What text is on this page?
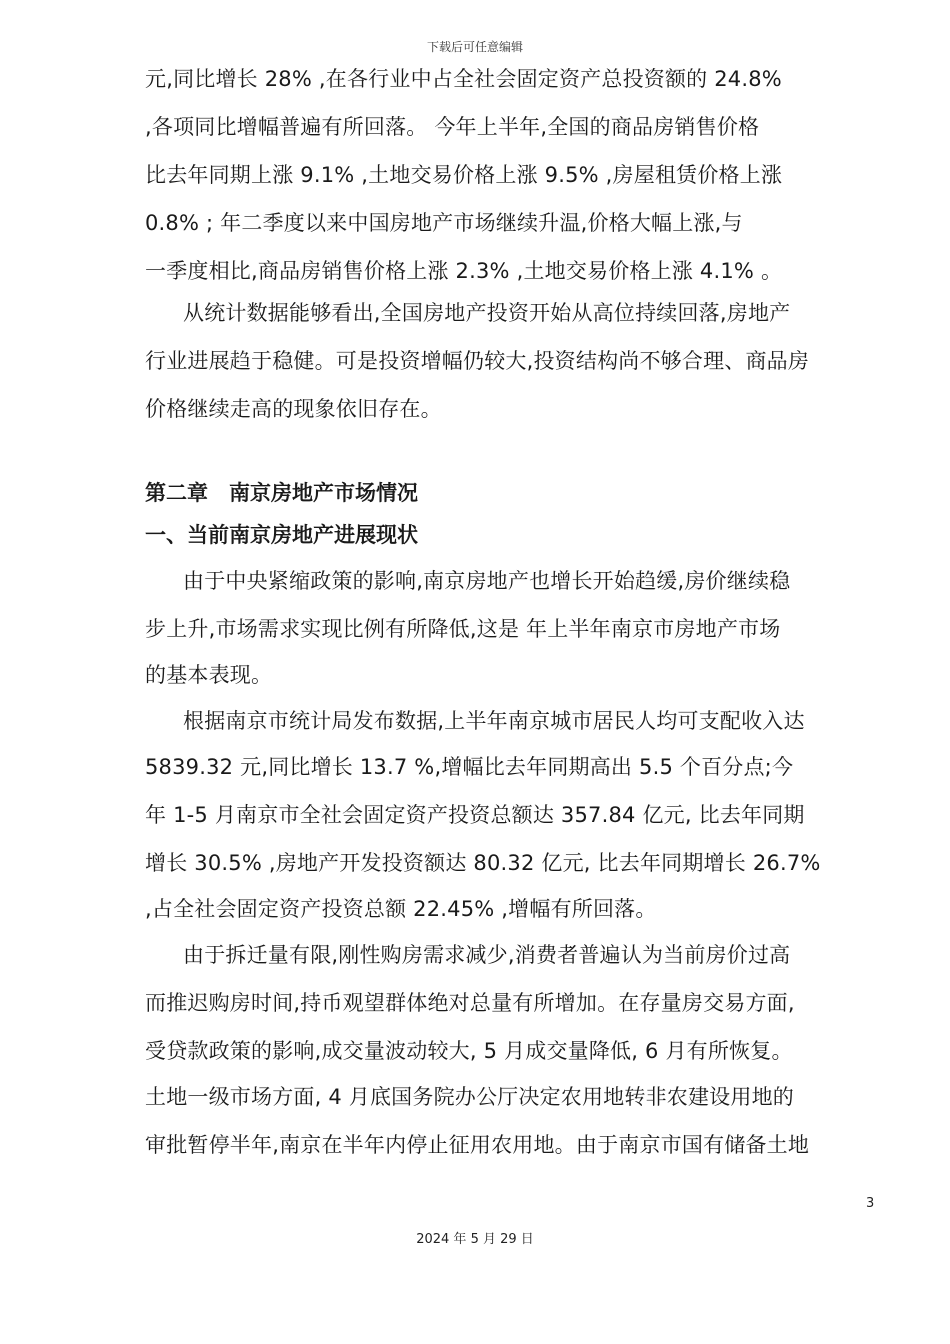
下载后可任意编辑
元,同比增长 28% ,在各行业中占全社会固定资产总投资额的 24.8%
,各项同比增幅普遍有所回落。 今年上半年,全国的商品房销售价格
比去年同期上涨 9.1% ,土地交易价格上涨 9.5% ,房屋租赁价格上涨
0.8% ; 年二季度以来中国房地产市场继续升温,价格大幅上涨,与
一季度相比,商品房销售价格上涨 2.3% ,土地交易价格上涨 4.1% 。
从统计数据能够看出,全国房地产投资开始从高位持续回落,房地产
行业进展趋于稳健。可是投资增幅仍较大,投资结构尚不够合理、商品房
价格继续走高的现象依旧存在。
第二章　南京房地产市场情况
一、当前南京房地产进展现状
由于中央紧缩政策的影响,南京房地产也增长开始趋缓,房价继续稳
步上升,市场需求实现比例有所降低,这是 年上半年南京市房地产市场
的基本表现。
根据南京市统计局发布数据,上半年南京城市居民人均可支配收入达
5839.32 元,同比增长 13.7 %,增幅比去年同期高出 5.5 个百分点;今
年 1-5 月南京市全社会固定资产投资总额达 357.84 亿元, 比去年同期
增长 30.5% ,房地产开发投资额达 80.32 亿元, 比去年同期增长 26.7%
,占全社会固定资产投资总额 22.45% ,增幅有所回落。
由于拆迁量有限,刚性购房需求减少,消费者普遍认为当前房价过高
而推迟购房时间,持币观望群体绝对总量有所增加。在存量房交易方面,
受贷款政策的影响,成交量波动较大, 5 月成交量降低, 6 月有所恢复。
土地一级市场方面, 4 月底国务院办公厅决定农用地转非农建设用地的
审批暂停半年,南京在半年内停止征用农用地。由于南京市国有储备土地
3
2024 年 5 月 29 日
